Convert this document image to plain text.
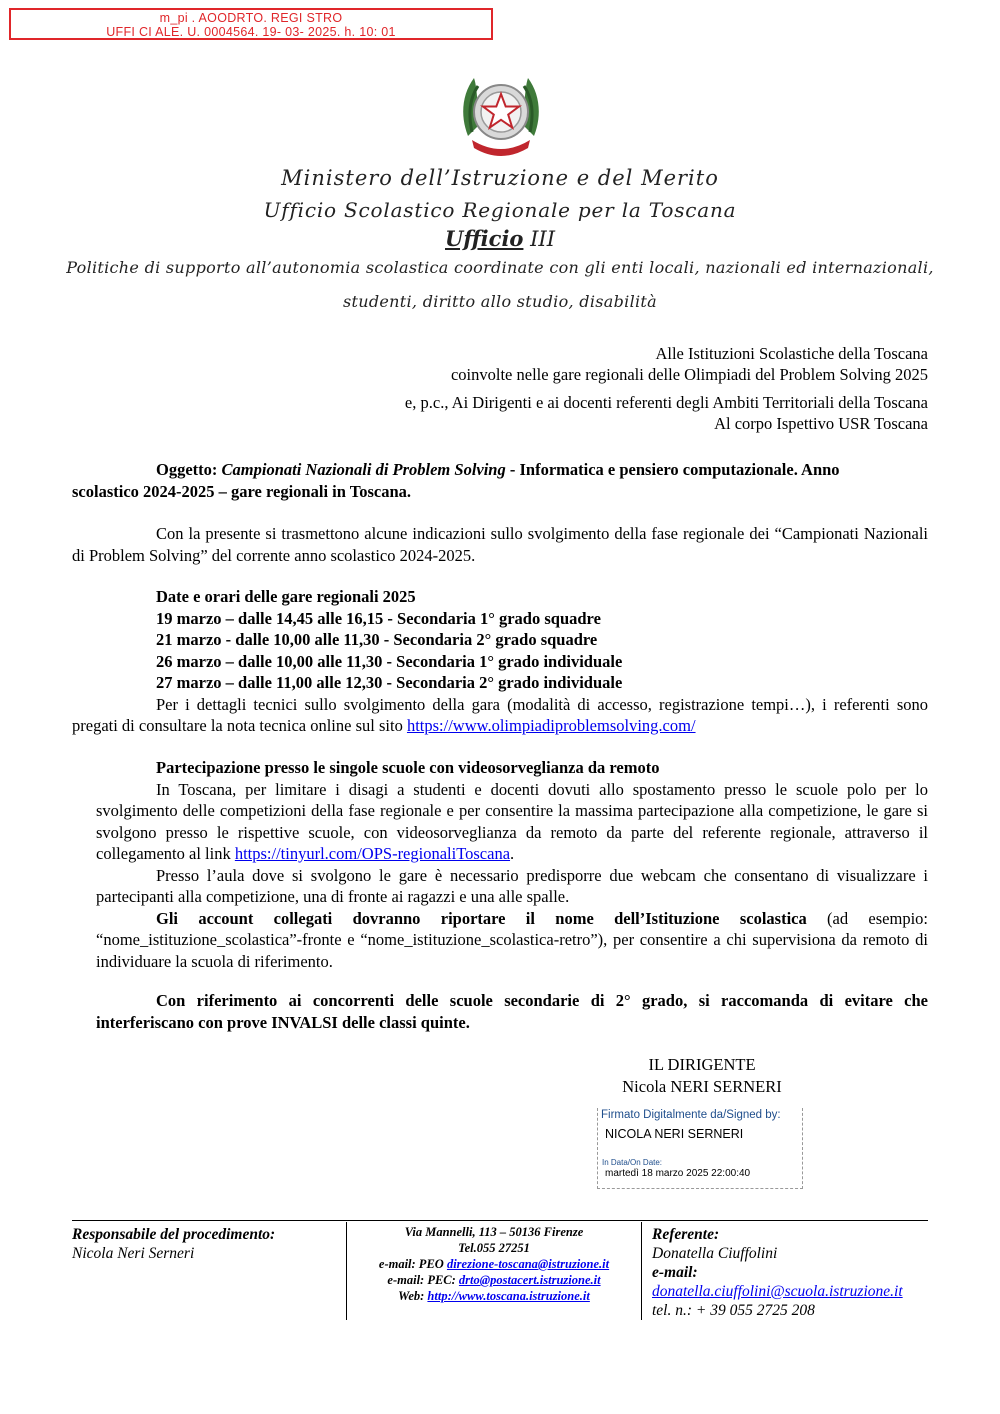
m_pi . AOODRTO. REGI STRO
UFFI CI ALE. U. 0004564. 19- 03- 2025. h. 10: 01
Ministero dell’Istruzione e del Merito
Ufficio Scolastico Regionale per la Toscana
Ufficio III
Politiche di supporto all’autonomia scolastica coordinate con gli enti locali, nazionali ed internazionali,
studenti, diritto allo studio, disabilità
Alle Istituzioni Scolastiche della Toscana
coinvolte nelle gare regionali delle Olimpiadi del Problem Solving 2025
e, p.c., Ai Dirigenti e ai docenti referenti degli Ambiti Territoriali della Toscana
Al corpo Ispettivo USR Toscana
Oggetto: Campionati Nazionali di Problem Solving - Informatica e pensiero computazionale. Anno
scolastico 2024-2025 – gare regionali in Toscana.

Con la presente si trasmettono alcune indicazioni sullo svolgimento della fase regionale dei “Campionati Nazionali di Problem Solving” del corrente anno scolastico 2024-2025.

Date e orari delle gare regionali 2025
19 marzo – dalle 14,45 alle 16,15 - Secondaria 1° grado squadre
21 marzo - dalle 10,00 alle 11,30 - Secondaria 2° grado squadre
26 marzo – dalle 10,00 alle 11,30 - Secondaria 1° grado individuale
27 marzo – dalle 11,00 alle 12,30 - Secondaria 2° grado individuale

Per i dettagli tecnici sullo svolgimento della gara (modalità di accesso, registrazione tempi…), i referenti sono pregati di consultare la nota tecnica online sul sito https://www.olimpiadiproblemsolving.com/

Partecipazione presso le singole scuole con videosorveglianza da remoto

In Toscana, per limitare i disagi a studenti e docenti dovuti allo spostamento presso le scuole polo per lo svolgimento delle competizioni della fase regionale e per consentire la massima partecipazione alla competizione, le gare si svolgono presso le rispettive scuole, con videosorveglianza da remoto da parte del referente regionale, attraverso il collegamento al link https://tinyurl.com/OPS-regionaliToscana.

Presso l’aula dove si svolgono le gare è necessario predisporre due webcam che consentano di visualizzare i partecipanti alla competizione, una di fronte ai ragazzi e una alle spalle.

Gli account collegati dovranno riportare il nome dell’Istituzione scolastica (ad esempio: “nome_istituzione_scolastica”-fronte e “nome_istituzione_scolastica-retro”), per consentire a chi supervisiona da remoto di individuare la scuola di riferimento.

Con riferimento ai concorrenti delle scuole secondarie di 2° grado, si raccomanda di evitare che interferiscano con prove INVALSI delle classi quinte.

IL DIRIGENTE
Nicola NERI SERNERI
Firmato Digitalmente da/Signed by:
NICOLA NERI SERNERI
In Data/On Date:
martedì 18 marzo 2025 22:00:40
Responsabile del procedimento:
Nicola Neri Serneri
Via Mannelli, 113 – 50136 Firenze
Tel.055 27251
e-mail: PEO direzione-toscana@istruzione.it
e-mail: PEC: drto@postacert.istruzione.it
Web: http://www.toscana.istruzione.it
Referente:
Donatella Ciuffolini
e-mail:
donatella.ciuffolini@scuola.istruzione.it
tel. n.: + 39 055 2725 208
